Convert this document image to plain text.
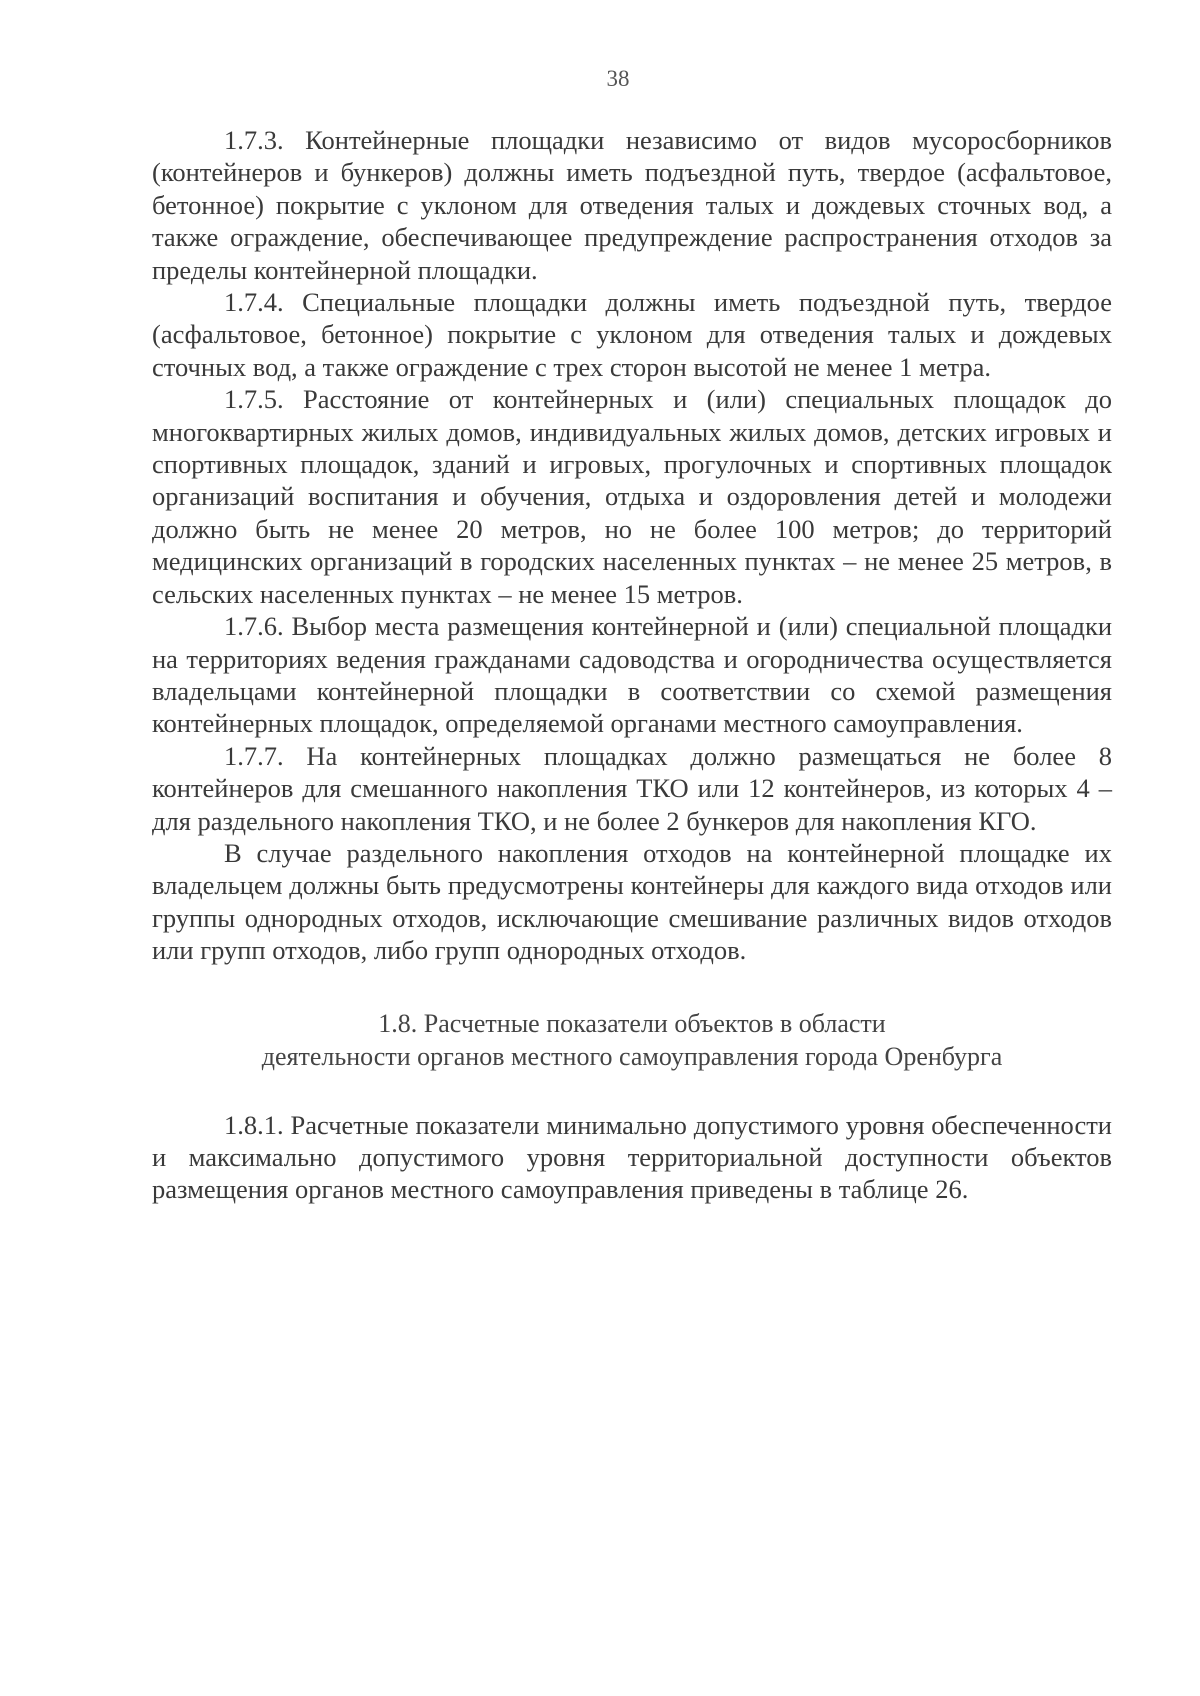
38

1.7.3. Контейнерные площадки независимо от видов мусоросборников (контейнеров и бункеров) должны иметь подъездной путь, твердое (асфальтовое, бетонное) покрытие с уклоном для отведения талых и дождевых сточных вод, а также ограждение, обеспечивающее предупреждение распространения отходов за пределы контейнерной площадки.

1.7.4. Специальные площадки должны иметь подъездной путь, твердое (асфальтовое, бетонное) покрытие с уклоном для отведения талых и дождевых сточных вод, а также ограждение с трех сторон высотой не менее 1 метра.

1.7.5. Расстояние от контейнерных и (или) специальных площадок до многоквартирных жилых домов, индивидуальных жилых домов, детских игровых и спортивных площадок, зданий и игровых, прогулочных и спортивных площадок организаций воспитания и обучения, отдыха и оздоровления детей и молодежи должно быть не менее 20 метров, но не более 100 метров; до территорий медицинских организаций в городских населенных пунктах – не менее 25 метров, в сельских населенных пунктах – не менее 15 метров.

1.7.6. Выбор места размещения контейнерной и (или) специальной площадки на территориях ведения гражданами садоводства и огородничества осуществляется владельцами контейнерной площадки в соответствии со схемой размещения контейнерных площадок, определяемой органами местного самоуправления.

1.7.7. На контейнерных площадках должно размещаться не более 8 контейнеров для смешанного накопления ТКО или 12 контейнеров, из которых 4 – для раздельного накопления ТКО, и не более 2 бункеров для накопления КГО.

В случае раздельного накопления отходов на контейнерной площадке их владельцем должны быть предусмотрены контейнеры для каждого вида отходов или группы однородных отходов, исключающие смешивание различных видов отходов или групп отходов, либо групп однородных отходов.

1.8. Расчетные показатели объектов в области
деятельности органов местного самоуправления города Оренбурга

1.8.1. Расчетные показатели минимально допустимого уровня обеспеченности и максимально допустимого уровня территориальной доступности объектов размещения органов местного самоуправления приведены в таблице 26.
